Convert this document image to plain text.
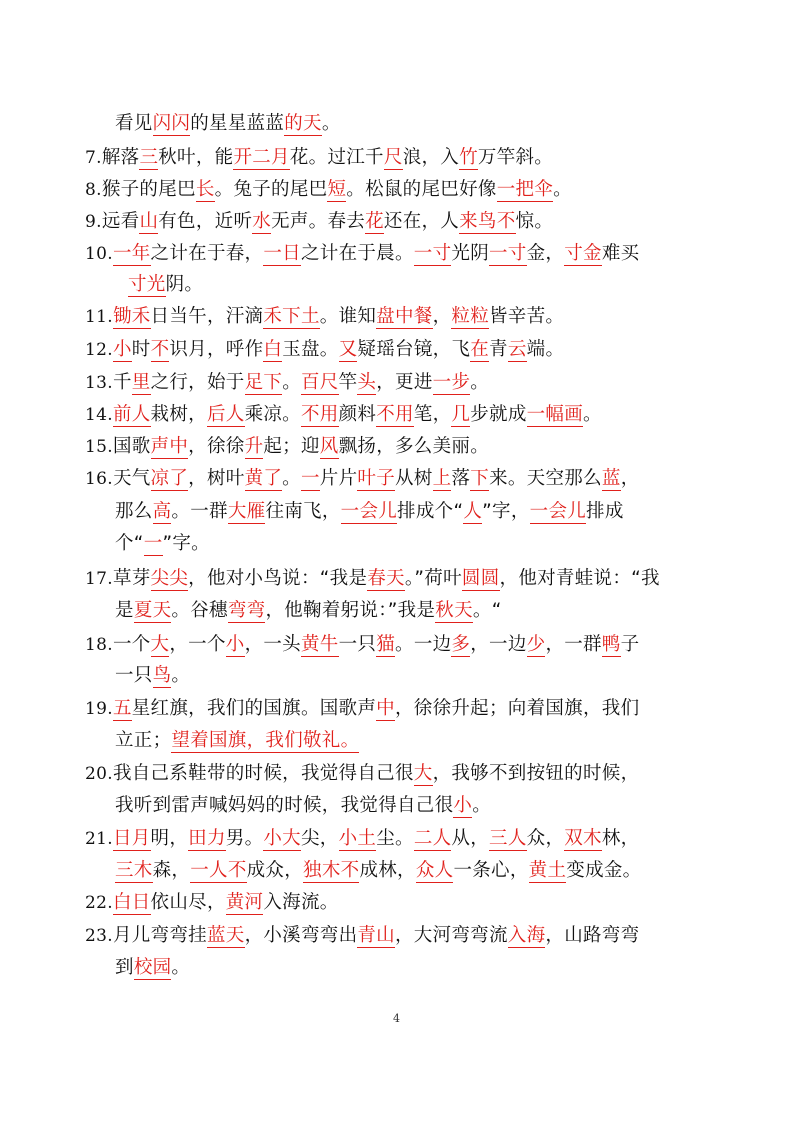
看见闪闪的星星蓝蓝的天。
7.解落三秋叶，能开二月花。过江千尺浪，入竹万竿斜。
8.猴子的尾巴长。兔子的尾巴短。松鼠的尾巴好像一把伞。
9.远看山有色，近听水无声。春去花还在，人来鸟不惊。
10.一年之计在于春，一日之计在于晨。一寸光阴一寸金，寸金难买
寸光阴。
11.锄禾日当午，汗滴禾下土。谁知盘中餐，粒粒皆辛苦。
12.小时不识月，呼作白玉盘。又疑瑶台镜，飞在青云端。
13.千里之行，始于足下。百尺竿头，更进一步。
14.前人栽树，后人乘凉。不用颜料不用笔，几步就成一幅画。
15.国歌声中，徐徐升起；迎风飘扬，多么美丽。
16.天气凉了，树叶黄了。一片片叶子从树上落下来。天空那么蓝，
那么高。一群大雁往南飞，一会儿排成个“人”字，一会儿排成
个“一”字。
17.草芽尖尖，他对小鸟说：“我是春天。”荷叶圆圆，他对青蛙说：“我
是夏天。谷穗弯弯，他鞠着躬说：”我是秋天。“
18.一个大，一个小，一头黄牛一只猫。一边多，一边少，一群鸭子
一只鸟。
19.五星红旗，我们的国旗。国歌声中，徐徐升起；向着国旗，我们
立正；望着国旗，我们敬礼。
20.我自己系鞋带的时候，我觉得自己很大，我够不到按钮的时候，
我听到雷声喊妈妈的时候，我觉得自己很小。
21.日月明，田力男。小大尖，小土尘。二人从，三人众，双木林，
三木森，一人不成众，独木不成林，众人一条心，黄土变成金。
22.白日依山尽，黄河入海流。
23.月儿弯弯挂蓝天，小溪弯弯出青山，大河弯弯流入海，山路弯弯
到校园。
4
